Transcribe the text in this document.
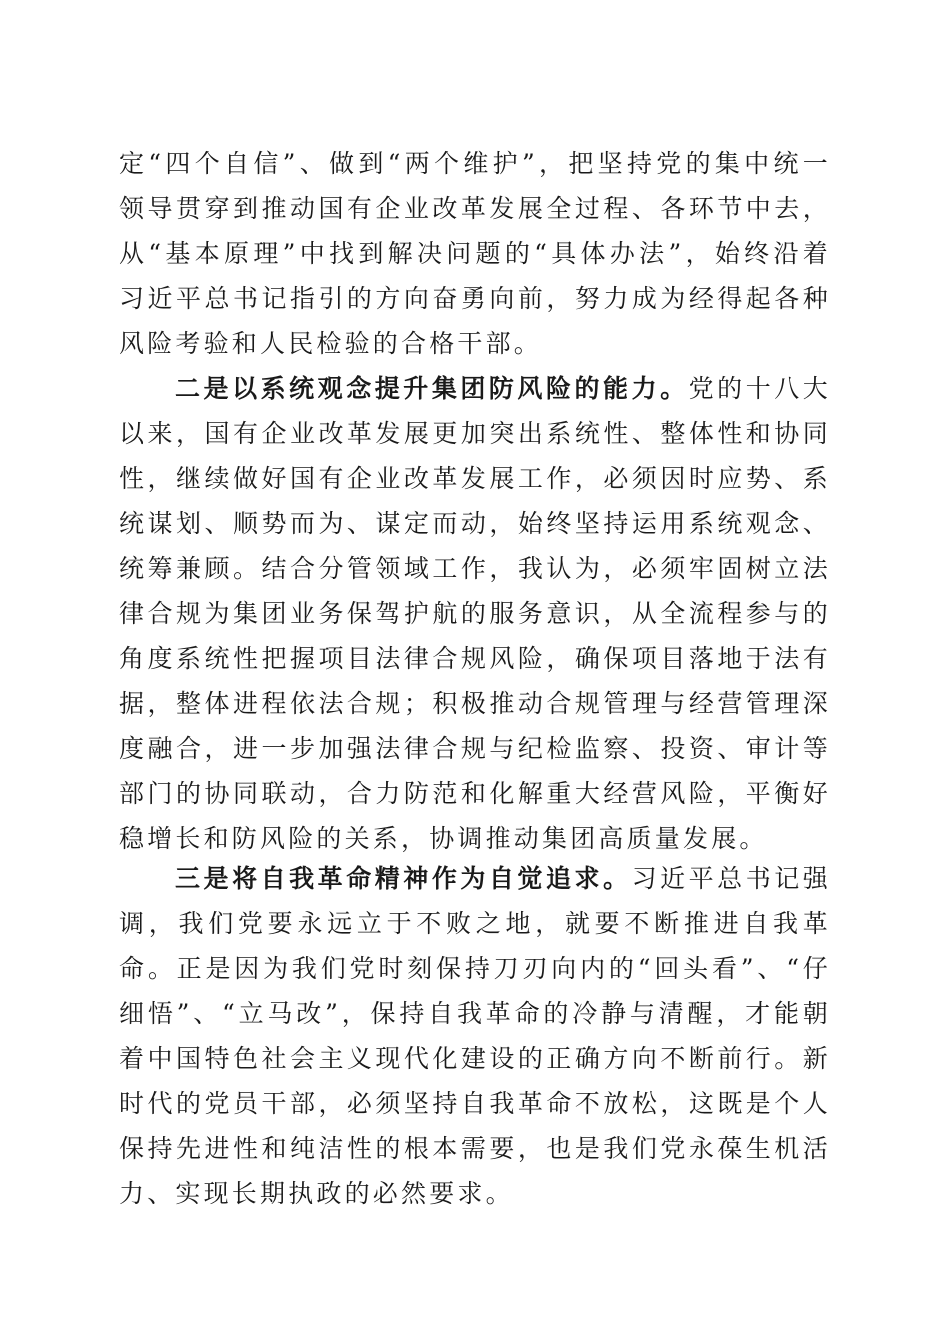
定“四个自信”、做到“两个维护”，把坚持党的集中统一领导贯穿到推动国有企业改革发展全过程、各环节中去，从“基本原理”中找到解决问题的“具体办法”，始终沿着习近平总书记指引的方向奋勇向前，努力成为经得起各种风险考验和人民检验的合格干部。

二是以系统观念提升集团防风险的能力。党的十八大以来，国有企业改革发展更加突出系统性、整体性和协同性，继续做好国有企业改革发展工作，必须因时应势、系统谋划、顺势而为、谋定而动，始终坚持运用系统观念、统筹兼顾。结合分管领域工作，我认为，必须牢固树立法律合规为集团业务保驾护航的服务意识，从全流程参与的角度系统性把握项目法律合规风险，确保项目落地于法有据，整体进程依法合规；积极推动合规管理与经营管理深度融合，进一步加强法律合规与纪检监察、投资、审计等部门的协同联动，合力防范和化解重大经营风险，平衡好稳增长和防风险的关系，协调推动集团高质量发展。

三是将自我革命精神作为自觉追求。习近平总书记强调，我们党要永远立于不败之地，就要不断推进自我革命。正是因为我们党时刻保持刀刃向内的“回头看”、“仔细悟”、“立马改”，保持自我革命的冷静与清醒，才能朝着中国特色社会主义现代化建设的正确方向不断前行。新时代的党员干部，必须坚持自我革命不放松，这既是个人保持先进性和纯洁性的根本需要，也是我们党永葆生机活力、实现长期执政的必然要求。
